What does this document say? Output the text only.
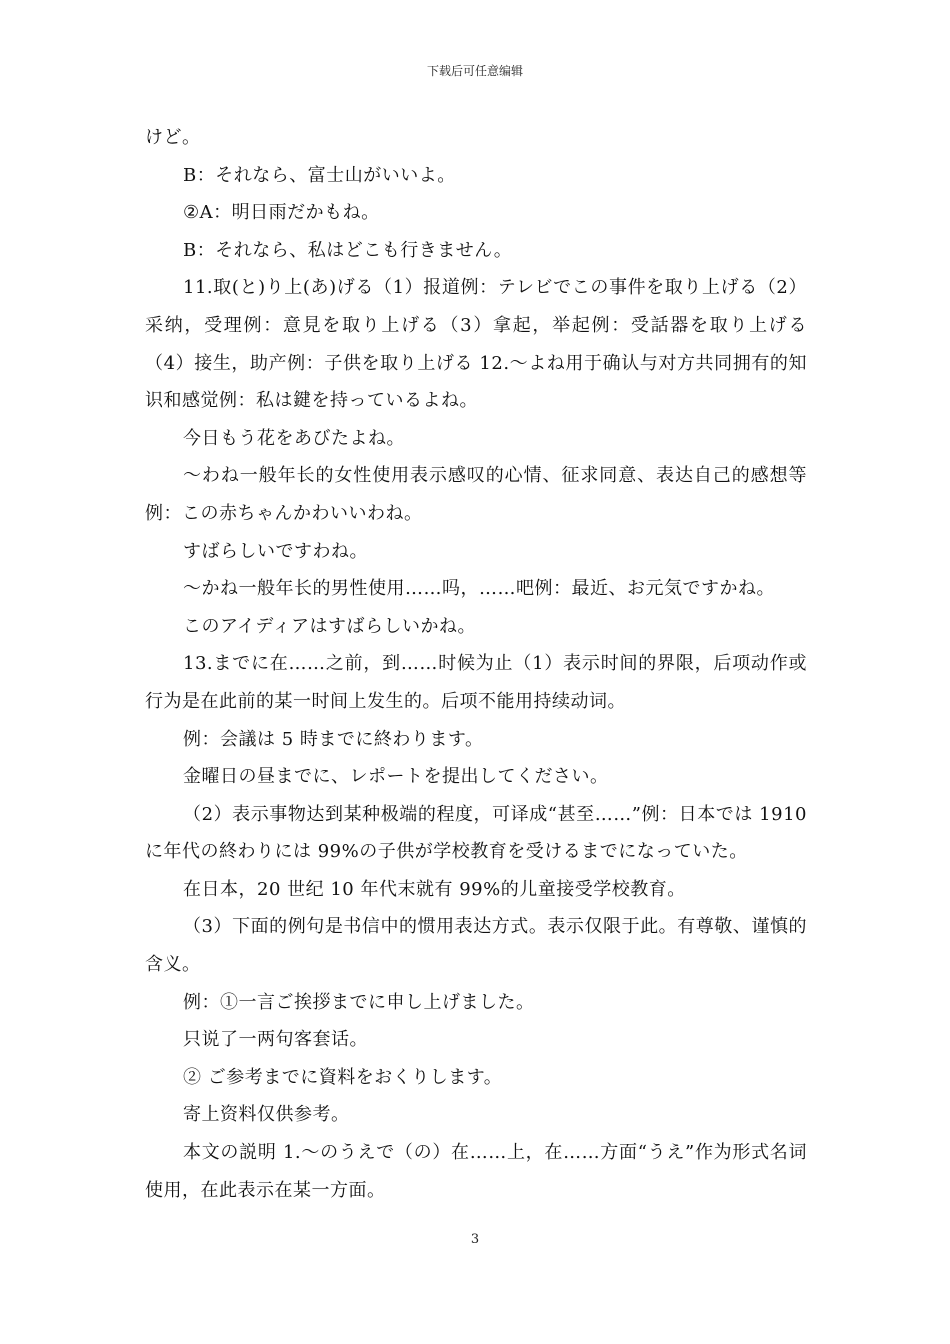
下载后可任意编辑

けど。

B：それなら、富士山がいいよ。

②A：明日雨だかもね。

B：それなら、私はどこも行きません。

11.取(と)り上(あ)げる（1）报道例：テレビでこの事件を取り上げる（2）采纳，受理例：意見を取り上げる（3）拿起，举起例：受話器を取り上げる（4）接生，助产例：子供を取り上げる 12.～よね用于确认与对方共同拥有的知识和感觉例：私は鍵を持っているよね。

今日もう花をあびたよね。

～わね一般年长的女性使用表示感叹的心情、征求同意、表达自己的感想等例：この赤ちゃんかわいいわね。

すばらしいですわね。

～かね一般年长的男性使用……吗，……吧例：最近、お元気ですかね。

このアイディアはすばらしいかね。

13.までに在……之前，到……时候为止（1）表示时间的界限，后项动作或行为是在此前的某一时间上发生的。后项不能用持续动词。

例：会議は 5 時までに終わります。

金曜日の昼までに、レポートを提出してください。

（2）表示事物达到某种极端的程度，可译成“甚至……”例：日本では 1910 に年代の終わりには 99%の子供が学校教育を受けるまでになっていた。

在日本，20 世纪 10 年代末就有 99%的儿童接受学校教育。

（3）下面的例句是书信中的惯用表达方式。表示仅限于此。有尊敬、谨慎的含义。

例：①一言ご挨拶までに申し上げました。

只说了一两句客套话。

② ご参考までに資料をおくりします。

寄上资料仅供参考。

本文の説明 1.～のうえで（の）在……上，在……方面“うえ”作为形式名词使用，在此表示在某一方面。

3
